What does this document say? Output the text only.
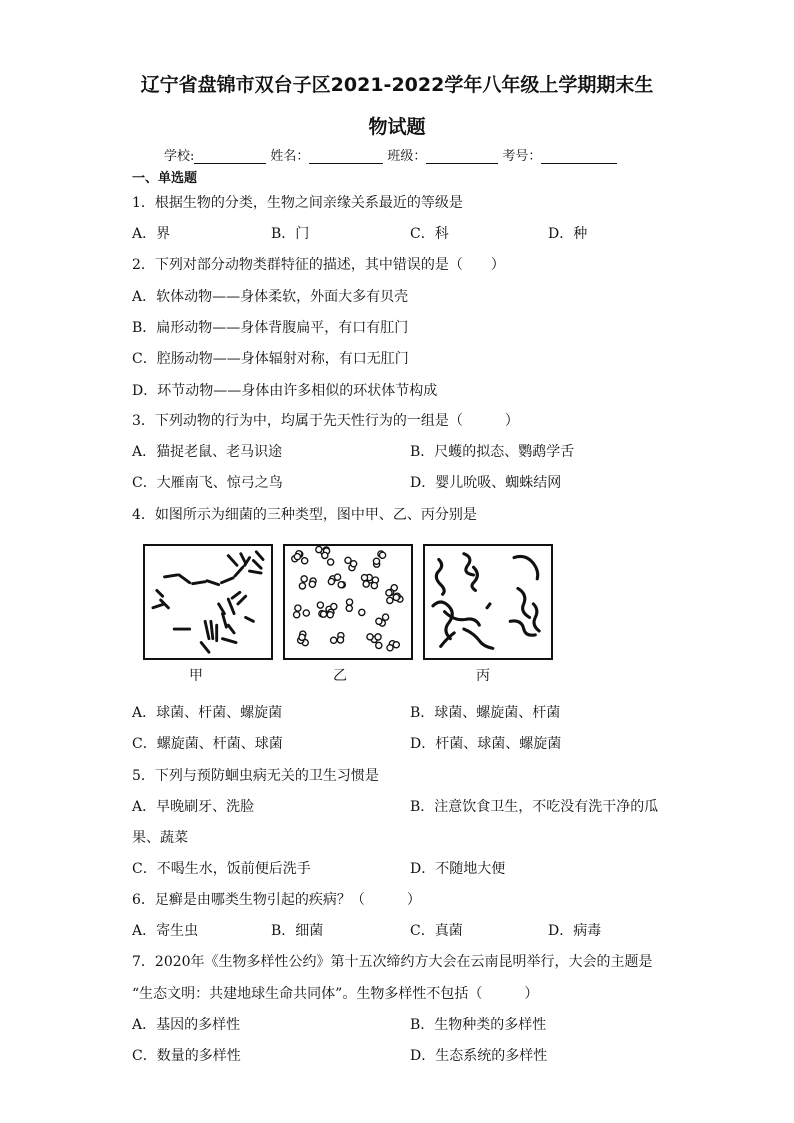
辽宁省盘锦市双台子区2021-2022学年八年级上学期期末生
物试题
学校:	姓名：	班级：	考号：
一、单选题
1．根据生物的分类，生物之间亲缘关系最近的等级是
A．界	B．门	C．科	D．种
2．下列对部分动物类群特征的描述，其中错误的是（　　）
A．软体动物——身体柔软，外面大多有贝壳
B．扁形动物——身体背腹扁平，有口有肛门
C．腔肠动物——身体辐射对称，有口无肛门
D．环节动物——身体由许多相似的环状体节构成
3．下列动物的行为中，均属于先天性行为的一组是（　　　）
A．猫捉老鼠、老马识途	B．尺蠖的拟态、鹦鹉学舌
C．大雁南飞、惊弓之鸟	D．婴儿吮吸、蜘蛛结网
4．如图所示为细菌的三种类型，图中甲、乙、丙分别是
甲	乙	丙
A．球菌、杆菌、螺旋菌	B．球菌、螺旋菌、杆菌
C．螺旋菌、杆菌、球菌	D．杆菌、球菌、螺旋菌
5．下列与预防蛔虫病无关的卫生习惯是
A．早晚刷牙、洗脸	B．注意饮食卫生，不吃没有洗干净的瓜
果、蔬菜
C．不喝生水，饭前便后洗手	D．不随地大便
6．足癣是由哪类生物引起的疾病？（　　　）
A．寄生虫	B．细菌	C．真菌	D．病毒
7．2020年《生物多样性公约》第十五次缔约方大会在云南昆明举行，大会的主题是
“生态文明：共建地球生命共同体”。生物多样性不包括（　　　）
A．基因的多样性	B．生物种类的多样性
C．数量的多样性	D．生态系统的多样性
